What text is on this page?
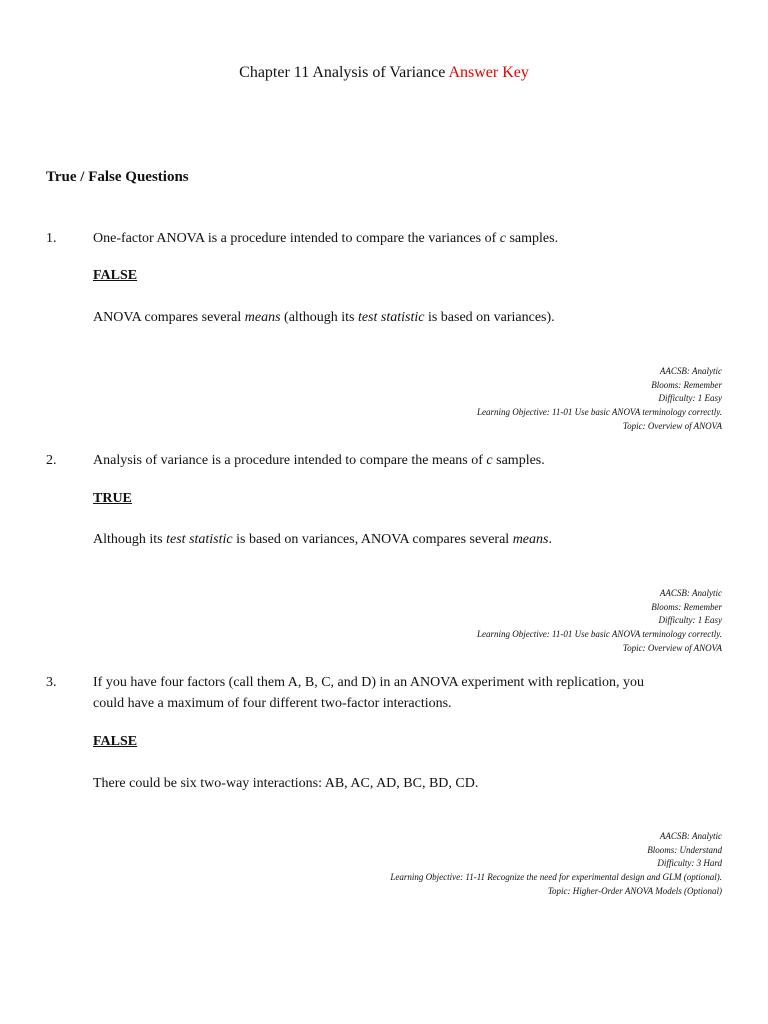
Chapter 11 Analysis of Variance Answer Key
True / False Questions
1.	One-factor ANOVA is a procedure intended to compare the variances of c samples.
FALSE
ANOVA compares several means (although its test statistic is based on variances).
AACSB: Analytic
Blooms: Remember
Difficulty: 1 Easy
Learning Objective: 11-01 Use basic ANOVA terminology correctly.
Topic: Overview of ANOVA
2.	Analysis of variance is a procedure intended to compare the means of c samples.
TRUE
Although its test statistic is based on variances, ANOVA compares several means.
AACSB: Analytic
Blooms: Remember
Difficulty: 1 Easy
Learning Objective: 11-01 Use basic ANOVA terminology correctly.
Topic: Overview of ANOVA
3.	If you have four factors (call them A, B, C, and D) in an ANOVA experiment with replication, you
could have a maximum of four different two-factor interactions.
FALSE
There could be six two-way interactions: AB, AC, AD, BC, BD, CD.
AACSB: Analytic
Blooms: Understand
Difficulty: 3 Hard
Learning Objective: 11-11 Recognize the need for experimental design and GLM (optional).
Topic: Higher-Order ANOVA Models (Optional)
